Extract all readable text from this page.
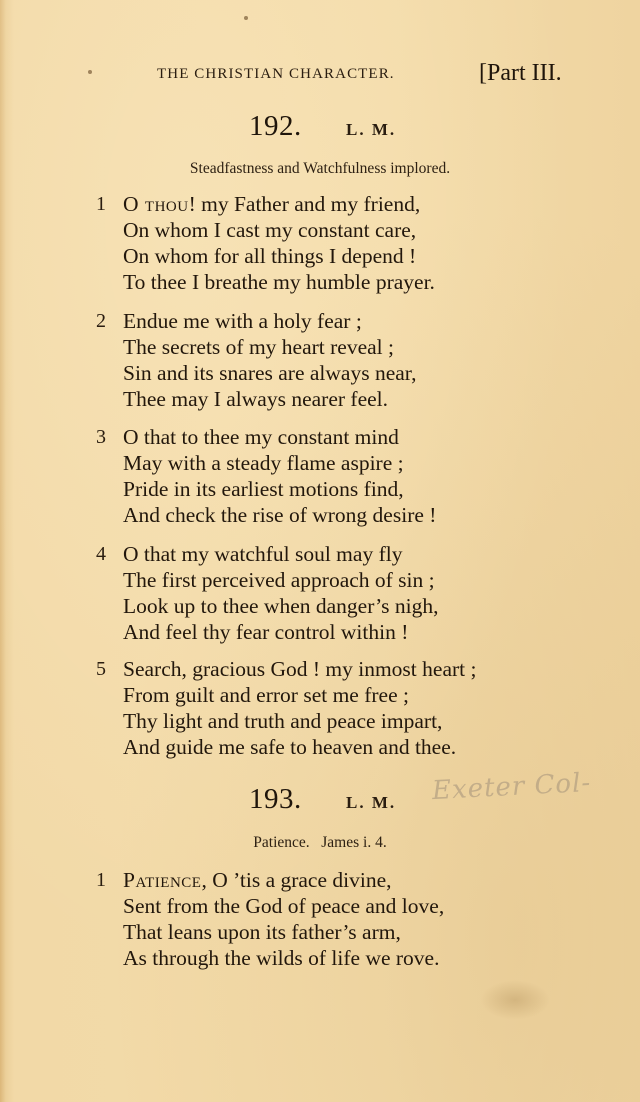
THE CHRISTIAN CHARACTER.	[Part III.
192.	L. M.
Steadfastness and Watchfulness implored.
1 O thou! my Father and my friend,
On whom I cast my constant care,
On whom for all things I depend !
To thee I breathe my humble prayer.
2 Endue me with a holy fear ;
The secrets of my heart reveal ;
Sin and its snares are always near,
Thee may I always nearer feel.
3 O that to thee my constant mind
May with a steady flame aspire ;
Pride in its earliest motions find,
And check the rise of wrong desire !
4 O that my watchful soul may fly
The first perceived approach of sin ;
Look up to thee when danger’s nigh,
And feel thy fear control within !
5 Search, gracious God ! my inmost heart ;
From guilt and error set me free ;
Thy light and truth and peace impart,
And guide me safe to heaven and thee.
193.	L. M. Exeter Col-
Patience.   James i. 4.
1 Patience, O ’tis a grace divine,
Sent from the God of peace and love,
That leans upon its father’s arm,
As through the wilds of life we rove.
